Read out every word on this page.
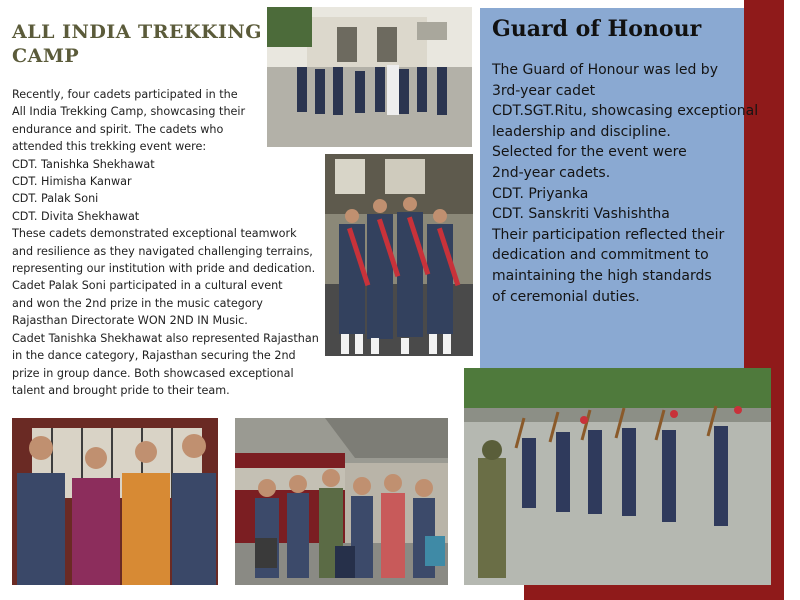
ALL INDIA TREKKING CAMP
Recently, four cadets participated in the
All India Trekking Camp, showcasing their
endurance and spirit. The cadets who
attended this trekking event were:
CDT. Tanishka Shekhawat
CDT. Himisha Kanwar
CDT. Palak Soni
CDT. Divita Shekhawat
These cadets demonstrated exceptional teamwork
and resilience as they navigated challenging terrains,
representing our institution with pride and dedication.
Cadet Palak Soni participated in a cultural event
and won the 2nd prize in the music category
Rajasthan Directorate WON 2ND IN Music.
Cadet Tanishka Shekhawat also represented Rajasthan
in the dance category, Rajasthan securing the 2nd
prize in group dance. Both showcased exceptional
talent and brought pride to their team.
Guard of Honour
The Guard of Honour was led by
3rd-year cadet
CDT.SGT.Ritu, showcasing exceptional
leadership and discipline.
Selected for the event were
2nd-year cadets.
CDT. Priyanka
CDT. Sanskriti Vashishtha
Their participation reflected their
dedication and commitment to
maintaining the high standards
of ceremonial duties.
